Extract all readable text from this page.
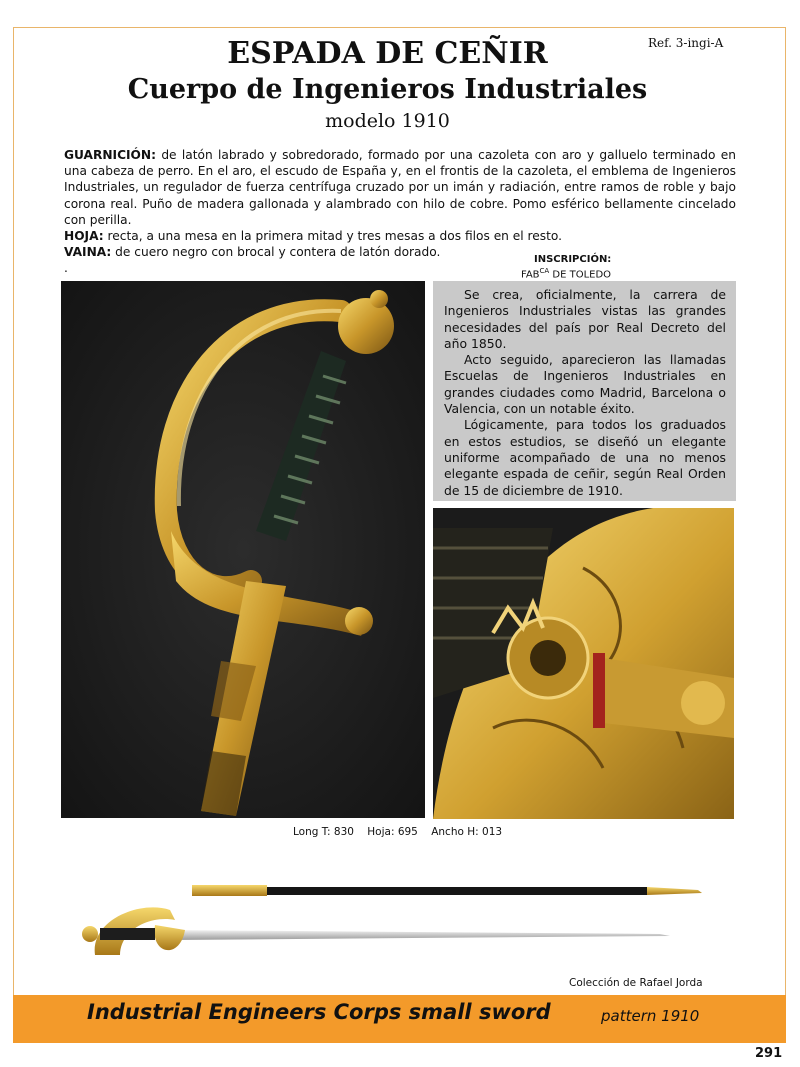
Ref. 3-ingi-A
ESPADA DE CEÑIR
Cuerpo de Ingenieros Industriales
modelo 1910

GUARNICIÓN: de latón labrado y sobredorado, formado por una cazoleta con aro y galluelo terminado en una cabeza de perro. En el aro, el escudo de España y, en el frontis de la cazoleta, el emblema de Ingenieros Industriales, un regulador de fuerza centrífuga cruzado por un imán y radiación, entre ramos de roble y bajo corona real. Puño de madera gallonada y alambrado con hilo de cobre. Pomo esférico bellamente cincelado con perilla.

HOJA: recta, a una mesa en la primera mitad y tres mesas a dos filos en el resto.

VAINA: de cuero negro con brocal y contera de latón dorado.

.

INSCRIPCIÓN:
$FAB^{CA}$ DE TOLEDO

Se crea, oficialmente, la carrera de Ingenieros Industriales vistas las grandes necesidades del país por Real Decreto del año 1850.

Acto seguido, aparecieron las llamadas Escuelas de Ingenieros Industriales en grandes ciudades como Madrid, Barcelona o Valencia, con un notable éxito.

Lógicamente, para todos los graduados en estos estudios, se diseñó un elegante uniforme acompañado de una no menos elegante espada de ceñir, según Real Orden de 15 de diciembre de 1910.

Long T: 830    Hoja: 695    Ancho H: 013
Colección de Rafael Jorda
Industrial Engineers Corps small sword	pattern 1910
291
